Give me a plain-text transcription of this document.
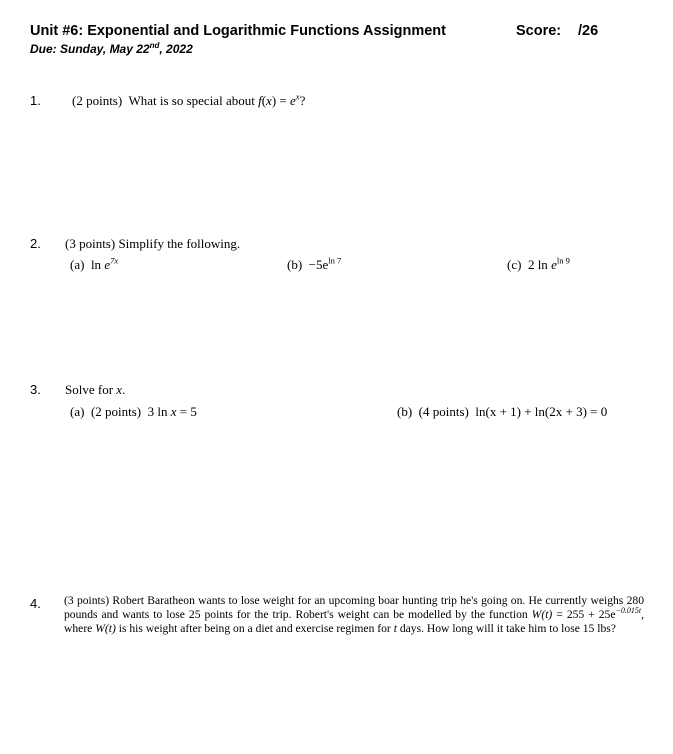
Unit #6: Exponential and Logarithmic Functions Assignment
Due: Sunday, May 22nd, 2022
Score: /26
1. (2 points) What is so special about $f(x) = e^x$?
2. (3 points) Simplify the following.
(a) $\ln e^{7x}$	$(b) -5e^{ln 7}$	(c) 2 $\ln e^{ln 9}$
3. Solve for x.
(a) (2 points) 3 ln x = 5	(b) (4 points) ln(x + 1) + ln(2x + 3) = 0
4. (3 points) Robert Baratheon wants to lose weight for an upcoming boar hunting trip he's going on. He currently weighs 280 pounds and wants to lose 25 points for the trip. Robert's weight can be modelled by the function $W(t) = 255 + 25e^{-0.015t}$, where W(t) is his weight after being on a diet and exercise regimen for t days. How long will it take him to lose 15 lbs?
